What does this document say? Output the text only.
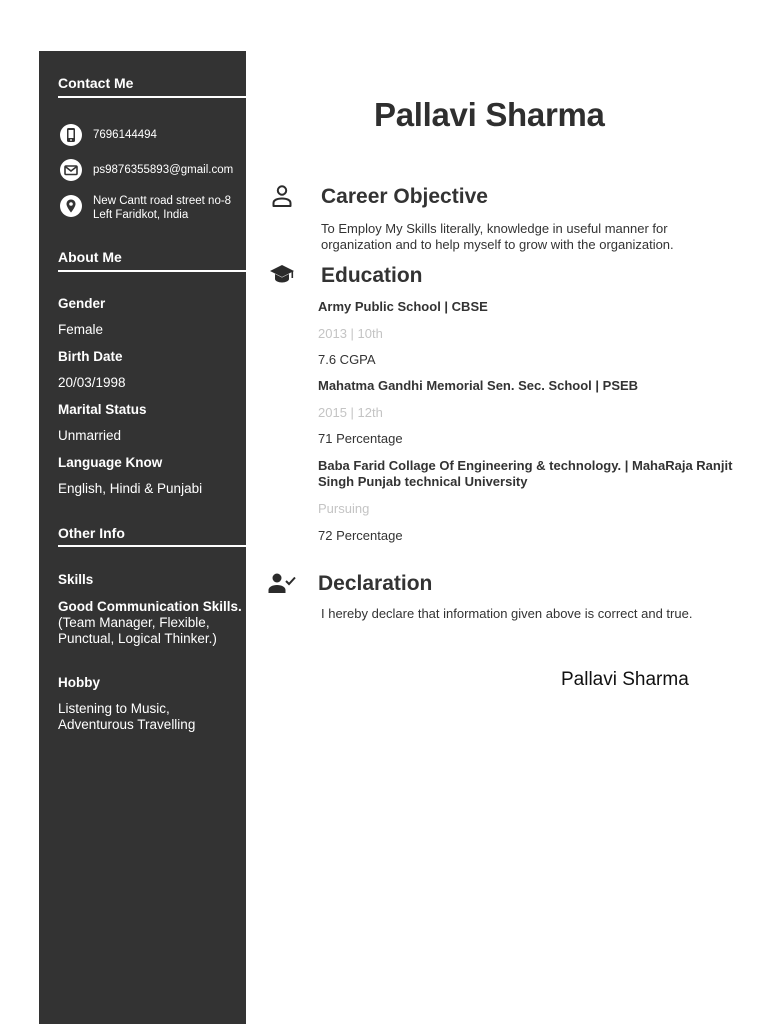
Contact Me
7696144494
ps9876355893@gmail.com
New Cantt road street no-8
Left Faridkot, India
About Me
Gender
Female
Birth Date
20/03/1998
Marital Status
Unmarried
Language Know
English, Hindi & Punjabi
Other Info
Skills
Good Communication Skills.
(Team Manager, Flexible,
Punctual, Logical Thinker.)
Hobby
Listening to Music,
Adventurous Travelling
Pallavi Sharma
Career Objective
To Employ My Skills literally, knowledge in useful manner for
organization and to help myself to grow with the organization.
Education
Army Public School | CBSE
2013 | 10th
7.6 CGPA
Mahatma Gandhi Memorial Sen. Sec. School | PSEB
2015 | 12th
71 Percentage
Baba Farid Collage Of Engineering & technology. | MahaRaja Ranjit
Singh Punjab technical University
Pursuing
72 Percentage
Declaration
I hereby declare that information given above is correct and true.
Pallavi Sharma
